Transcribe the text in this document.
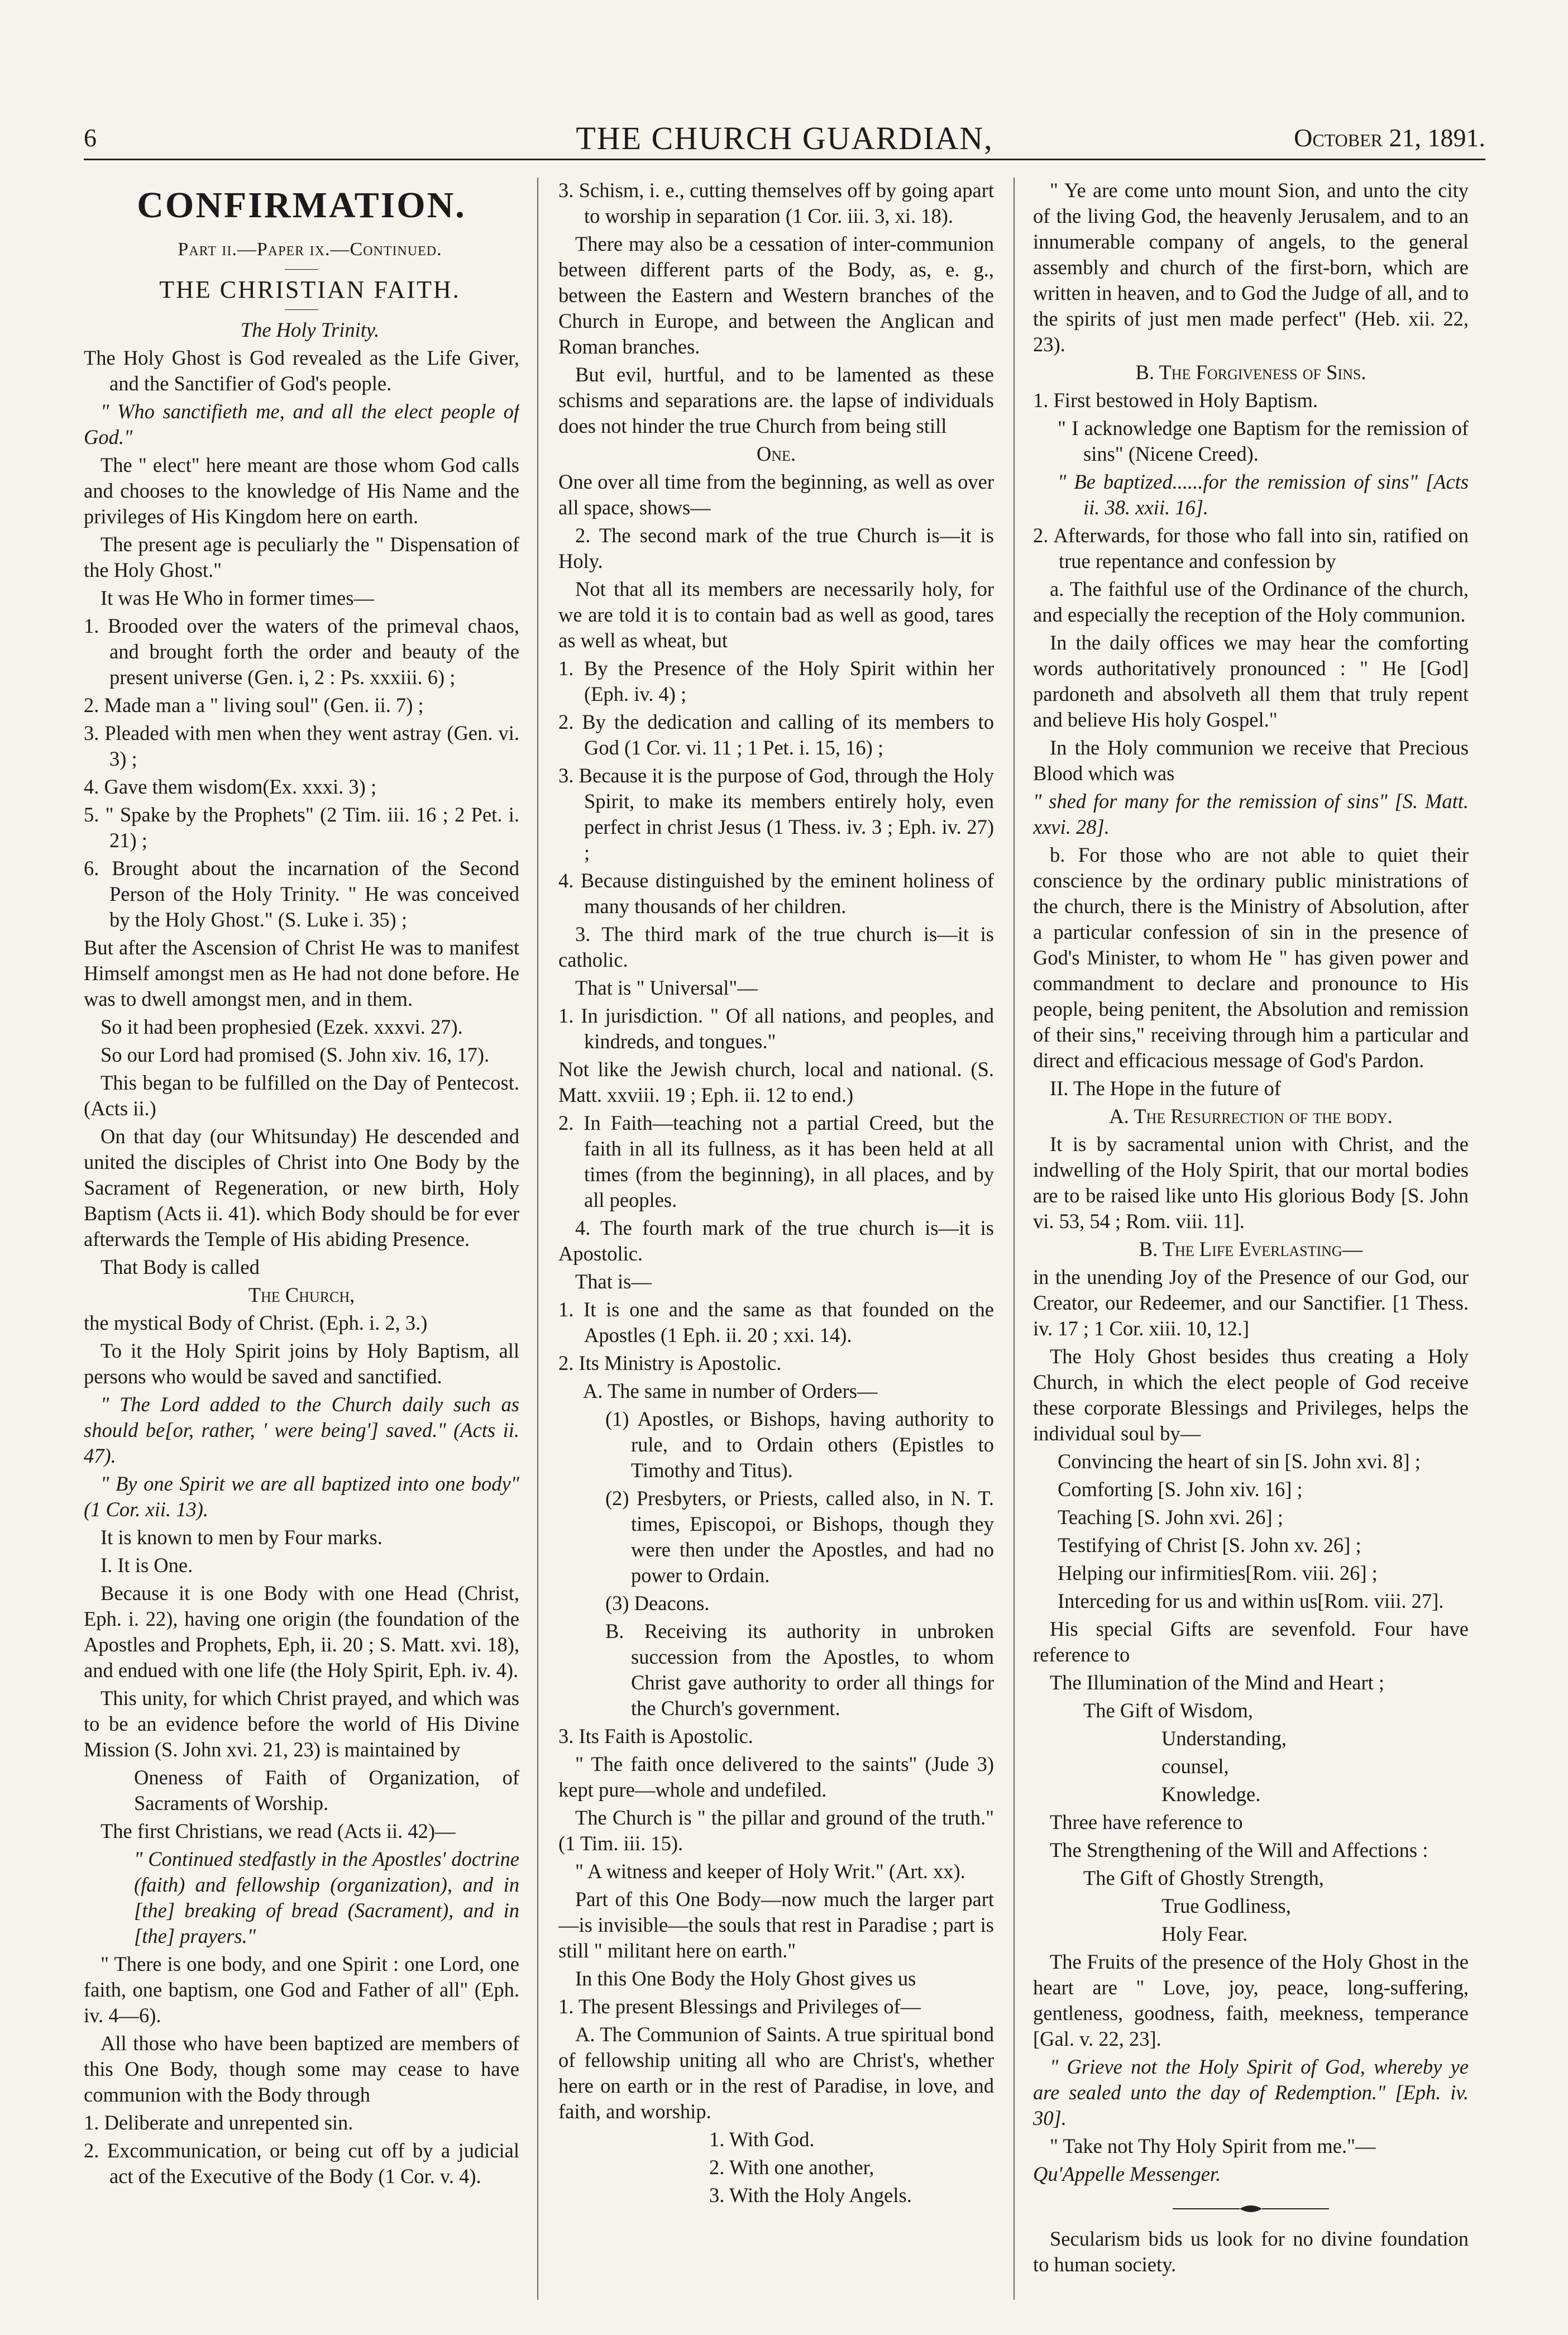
6	THE CHURCH GUARDIAN,	October 21, 1891.
CONFIRMATION.

Part ii.—Paper ix.—Continued.

———

THE CHRISTIAN FAITH.

———

The Holy Trinity.

The Holy Ghost is God revealed as the Life Giver, and the Sanctifier of God's people.

" Who sanctifieth me, and all the elect people of God."

The " elect" here meant are those whom God calls and chooses to the knowledge of His Name and the privileges of His Kingdom here on earth.

The present age is peculiarly the " Dispensation of the Holy Ghost."

It was He Who in former times—

1. Brooded over the waters of the primeval chaos, and brought forth the order and beauty of the present universe (Gen. i, 2 : Ps. xxxiii. 6) ;

2. Made man a " living soul" (Gen. ii. 7) ;

3. Pleaded with men when they went astray (Gen. vi. 3) ;

4. Gave them wisdom(Ex. xxxi. 3) ;

5. " Spake by the Prophets" (2 Tim. iii. 16 ; 2 Pet. i. 21) ;

6. Brought about the incarnation of the Second Person of the Holy Trinity. " He was conceived by the Holy Ghost." (S. Luke i. 35) ;

But after the Ascension of Christ He was to manifest Himself amongst men as He had not done before. He was to dwell amongst men, and in them.

So it had been prophesied (Ezek. xxxvi. 27).

So our Lord had promised (S. John xiv. 16, 17).

This began to be fulfilled on the Day of Pentecost. (Acts ii.)

On that day (our Whitsunday) He descended and united the disciples of Christ into One Body by the Sacrament of Regeneration, or new birth, Holy Baptism (Acts ii. 41). which Body should be for ever afterwards the Temple of His abiding Presence.

That Body is called

The Church,

the mystical Body of Christ. (Eph. i. 2, 3.)

To it the Holy Spirit joins by Holy Baptism, all persons who would be saved and sanctified.

" The Lord added to the Church daily such as should be[or, rather, ' were being'] saved." (Acts ii. 47).

" By one Spirit we are all baptized into one body" (1 Cor. xii. 13).

It is known to men by Four marks.

I. It is One.

Because it is one Body with one Head (Christ, Eph. i. 22), having one origin (the foundation of the Apostles and Prophets, Eph, ii. 20 ; S. Matt. xvi. 18), and endued with one life (the Holy Spirit, Eph. iv. 4).

This unity, for which Christ prayed, and which was to be an evidence before the world of His Divine Mission (S. John xvi. 21, 23) is maintained by

Oneness of Faith of Organization, of Sacraments of Worship.

The first Christians, we read (Acts ii. 42)—

" Continued stedfastly in the Apostles' doctrine (faith) and fellowship (organization), and in [the] breaking of bread (Sacrament), and in [the] prayers."

" There is one body, and one Spirit : one Lord, one faith, one baptism, one God and Father of all" (Eph. iv. 4—6).

All those who have been baptized are members of this One Body, though some may cease to have communion with the Body through

1. Deliberate and unrepented sin.

2. Excommunication, or being cut off by a judicial act of the Executive of the Body (1 Cor. v. 4).

3. Schism, i. e., cutting themselves off by going apart to worship in separation (1 Cor. iii. 3, xi. 18).

There may also be a cessation of inter-communion between different parts of the Body, as, e. g., between the Eastern and Western branches of the Church in Europe, and between the Anglican and Roman branches.

But evil, hurtful, and to be lamented as these schisms and separations are. the lapse of individuals does not hinder the true Church from being still

One.

One over all time from the beginning, as well as over all space, shows—

2. The second mark of the true Church is—it is Holy.

Not that all its members are necessarily holy, for we are told it is to contain bad as well as good, tares as well as wheat, but

1. By the Presence of the Holy Spirit within her (Eph. iv. 4) ;

2. By the dedication and calling of its members to God (1 Cor. vi. 11 ; 1 Pet. i. 15, 16) ;

3. Because it is the purpose of God, through the Holy Spirit, to make its members entirely holy, even perfect in christ Jesus (1 Thess. iv. 3 ; Eph. iv. 27) ;

4. Because distinguished by the eminent holiness of many thousands of her children.

3. The third mark of the true church is—it is catholic.

That is " Universal"—

1. In jurisdiction. " Of all nations, and peoples, and kindreds, and tongues."

Not like the Jewish church, local and national. (S. Matt. xxviii. 19 ; Eph. ii. 12 to end.)

2. In Faith—teaching not a partial Creed, but the faith in all its fullness, as it has been held at all times (from the beginning), in all places, and by all peoples.

4. The fourth mark of the true church is—it is Apostolic.

That is—

1. It is one and the same as that founded on the Apostles (1 Eph. ii. 20 ; xxi. 14).

2. Its Ministry is Apostolic.

A. The same in number of Orders—

(1) Apostles, or Bishops, having authority to rule, and to Ordain others (Epistles to Timothy and Titus).

(2) Presbyters, or Priests, called also, in N. T. times, Episcopoi, or Bishops, though they were then under the Apostles, and had no power to Ordain.

(3) Deacons.

B. Receiving its authority in unbroken succession from the Apostles, to whom Christ gave authority to order all things for the Church's government.

3. Its Faith is Apostolic.

" The faith once delivered to the saints" (Jude 3) kept pure—whole and undefiled.

The Church is " the pillar and ground of the truth." (1 Tim. iii. 15).

" A witness and keeper of Holy Writ." (Art. xx).

Part of this One Body—now much the larger part—is invisible—the souls that rest in Paradise ; part is still " militant here on earth."

In this One Body the Holy Ghost gives us

1. The present Blessings and Privileges of—

A. The Communion of Saints. A true spiritual bond of fellowship uniting all who are Christ's, whether here on earth or in the rest of Paradise, in love, and faith, and worship.

1. With God.

2. With one another,

3. With the Holy Angels.

" Ye are come unto mount Sion, and unto the city of the living God, the heavenly Jerusalem, and to an innumerable company of angels, to the general assembly and church of the first-born, which are written in heaven, and to God the Judge of all, and to the spirits of just men made perfect" (Heb. xii. 22, 23).

B. The Forgiveness of Sins.

1. First bestowed in Holy Baptism.

" I acknowledge one Baptism for the remission of sins" (Nicene Creed).

" Be baptized......for the remission of sins" [Acts ii. 38. xxii. 16].

2. Afterwards, for those who fall into sin, ratified on true repentance and confession by

a. The faithful use of the Ordinance of the church, and especially the reception of the Holy communion.

In the daily offices we may hear the comforting words authoritatively pronounced : " He [God] pardoneth and absolveth all them that truly repent and believe His holy Gospel."

In the Holy communion we receive that Precious Blood which was

" shed for many for the remission of sins" [S. Matt. xxvi. 28].

b. For those who are not able to quiet their conscience by the ordinary public ministrations of the church, there is the Ministry of Absolution, after a particular confession of sin in the presence of God's Minister, to whom He " has given power and commandment to declare and pronounce to His people, being penitent, the Absolution and remission of their sins," receiving through him a particular and direct and efficacious message of God's Pardon.

II. The Hope in the future of

A. The Resurrection of the body.

It is by sacramental union with Christ, and the indwelling of the Holy Spirit, that our mortal bodies are to be raised like unto His glorious Body [S. John vi. 53, 54 ; Rom. viii. 11].

B. The Life Everlasting—

in the unending Joy of the Presence of our God, our Creator, our Redeemer, and our Sanctifier. [1 Thess. iv. 17 ; 1 Cor. xiii. 10, 12.]

The Holy Ghost besides thus creating a Holy Church, in which the elect people of God receive these corporate Blessings and Privileges, helps the individual soul by—

Convincing the heart of sin [S. John xvi. 8] ;

Comforting [S. John xiv. 16] ;

Teaching [S. John xvi. 26] ;

Testifying of Christ [S. John xv. 26] ;

Helping our infirmities[Rom. viii. 26] ;

Interceding for us and within us[Rom. viii. 27].

His special Gifts are sevenfold. Four have reference to

The Illumination of the Mind and Heart ;

The Gift of Wisdom,

Understanding,

counsel,

Knowledge.

Three have reference to

The Strengthening of the Will and Affections :

The Gift of Ghostly Strength,

True Godliness,

Holy Fear.

The Fruits of the presence of the Holy Ghost in the heart are " Love, joy, peace, long-suffering, gentleness, goodness, faith, meekness, temperance [Gal. v. 22, 23].

" Grieve not the Holy Spirit of God, whereby ye are sealed unto the day of Redemption." [Eph. iv. 30].

" Take not Thy Holy Spirit from me."—

Qu'Appelle Messenger.

Secularism bids us look for no divine foundation to human society.
